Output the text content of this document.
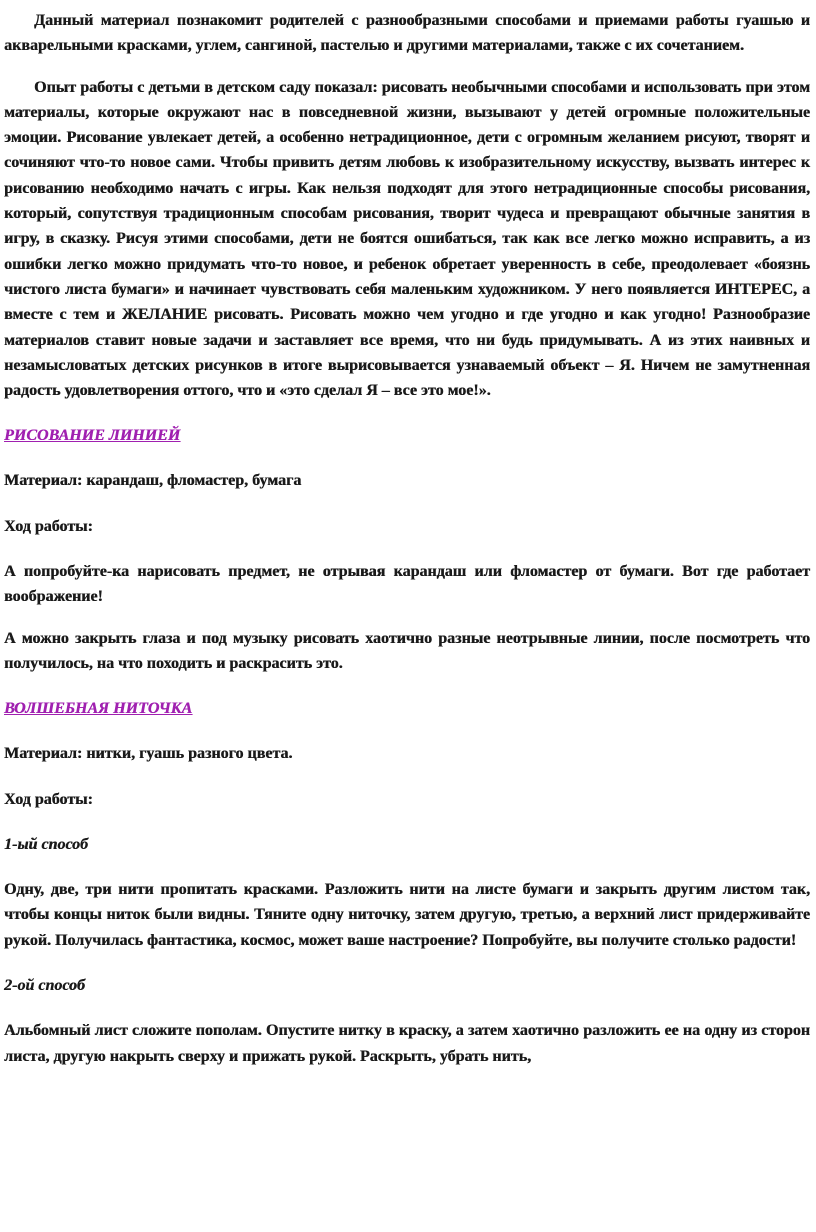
Данный материал познакомит родителей с разнообразными способами и приемами работы гуашью и акварельными красками, углем, сангиной, пастелью и другими материалами, также с их сочетанием.

Опыт работы с детьми в детском саду показал: рисовать необычными способами и использовать при этом материалы, которые окружают нас в повседневной жизни, вызывают у детей огромные положительные эмоции. Рисование увлекает детей, а особенно нетрадиционное, дети с огромным желанием рисуют, творят и сочиняют что-то новое сами. Чтобы привить детям любовь к изобразительному искусству, вызвать интерес к рисованию необходимо начать с игры. Как нельзя подходят для этого нетрадиционные способы рисования, который, сопутствуя традиционным способам рисования, творит чудеса и превращают обычные занятия в игру, в сказку. Рисуя этими способами, дети не боятся ошибаться, так как все легко можно исправить, а из ошибки легко можно придумать что-то новое, и ребенок обретает уверенность в себе, преодолевает «боязнь чистого листа бумаги» и начинает чувствовать себя маленьким художником. У него появляется ИНТЕРЕС, а вместе с тем и ЖЕЛАНИЕ рисовать. Рисовать можно чем угодно и где угодно и как угодно! Разнообразие материалов ставит новые задачи и заставляет все время, что ни будь придумывать. А из этих наивных и незамысловатых детских рисунков в итоге вырисовывается узнаваемый объект – Я. Ничем не замутненная радость удовлетворения оттого, что и «это сделал Я – все это мое!».

РИСОВАНИЕ ЛИНИЕЙ

Материал: карандаш, фломастер, бумага

Ход работы:

А попробуйте-ка нарисовать предмет, не отрывая карандаш или фломастер от бумаги. Вот где работает воображение!

А можно закрыть глаза и под музыку рисовать хаотично разные неотрывные линии, после посмотреть что получилось, на что походить и раскрасить это.

ВОЛШЕБНАЯ НИТОЧКА

Материал: нитки, гуашь разного цвета.

Ход работы:

1-ый способ

Одну, две, три нити пропитать красками. Разложить нити на листе бумаги и закрыть другим листом так, чтобы концы ниток были видны. Тяните одну ниточку, затем другую, третью, а верхний лист придерживайте рукой. Получилась фантастика, космос, может ваше настроение? Попробуйте, вы получите столько радости!

2-ой способ

Альбомный лист сложите пополам. Опустите нитку в краску, а затем хаотично разложить ее на одну из сторон листа, другую накрыть сверху и прижать рукой. Раскрыть, убрать нить,
